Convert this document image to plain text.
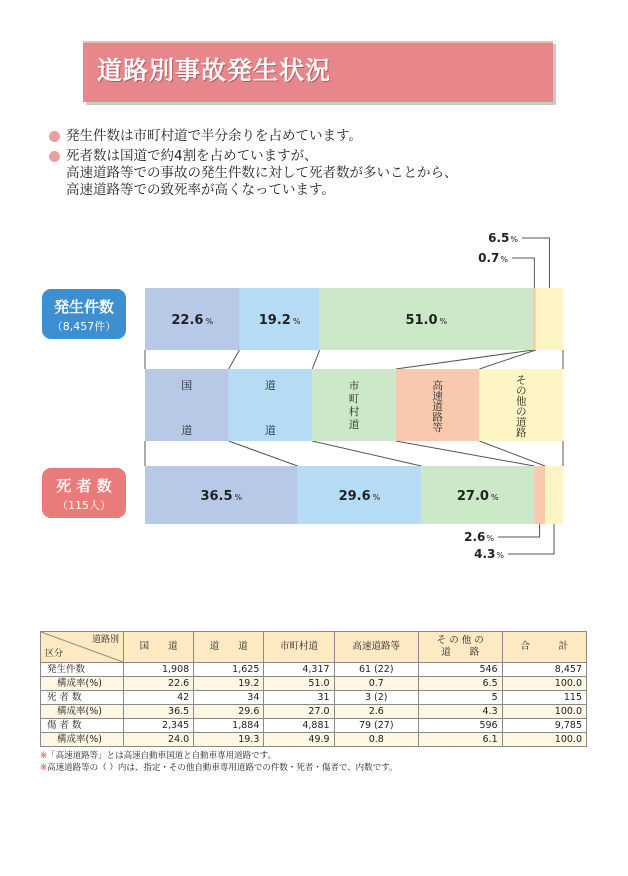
道路別事故発生状況
発生件数は市町村道で半分余りを占めています。
死者数は国道で約4割を占めていますが、
高速道路等での事故の発生件数に対して死者数が多いことから、
高速道路等での致死率が高くなっています。
国
道
道
道
市
町
村
道
高
速
道
路
等
そ
の
他
の
道
路
22.6 %	19.2 %	51.0 %
36.5 %	29.6 %	27.0 %
6.5%
0.7%
2.6%
4.3%
発生件数
（8,457件）
死 者 数
（115人）
道路別
区分	国　　道	道　　道	市町村道	高速道路等	そ の 他 の
道　　路	合　　　計
発生件数	1,908	1,625	4,317	61 (22)	546	8,457
構成率(%)	22.6	19.2	51.0	0.7	6.5	100.0
死 者 数	42	34	31	3 (2)	5	115
構成率(%)	36.5	29.6	27.0	2.6	4.3	100.0
傷 者 数	2,345	1,884	4,881	79 (27)	596	9,785
構成率(%)	24.0	19.3	49.9	0.8	6.1	100.0
※「高速道路等」とは高速自動車国道と自動車専用道路です。
※高速道路等の（ ）内は、指定・その他自動車専用道路での件数・死者・傷者で、内数です。
